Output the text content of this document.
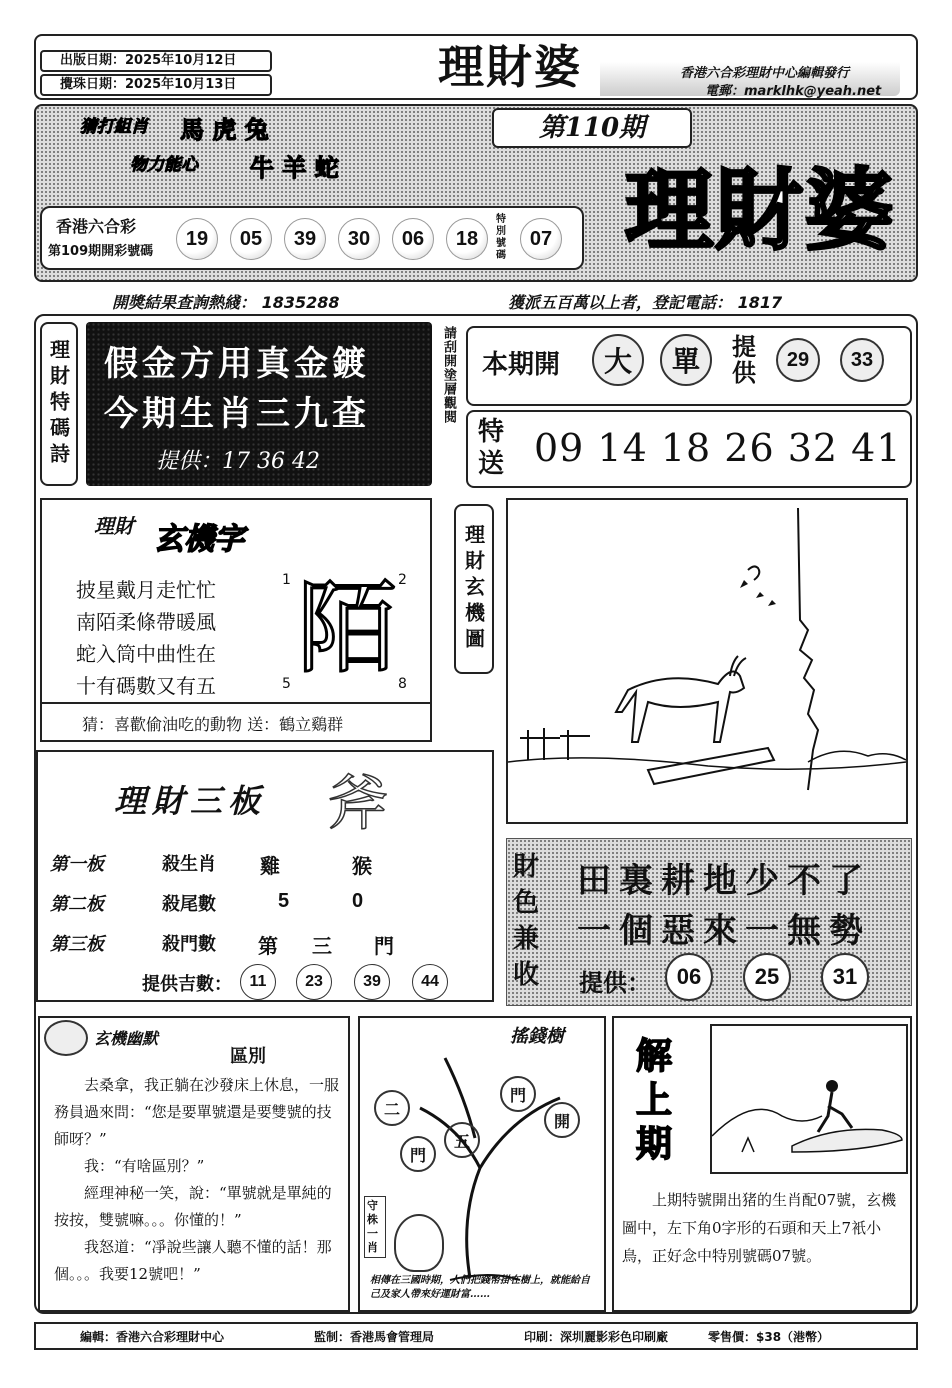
出版日期：2025年10月12日
攪珠日期：2025年10月13日	理財婆	香港六合彩理財中心編輯發行
電郵：marklhk@yeah.net
猜打組肖 馬 虎 兔
物力能心 牛 羊 蛇
第110期
理財婆
香港六合彩
第109期開彩號碼
19	05	39	30	06	18
特別號碼
07
開獎結果查詢熱綫： 1835288	獲派五百萬以上者，登記電話： 1817
理財特碼詩 假金方用真金鍍
今期生肖三九查
提供：17 36 42
請刮開塗層觀閱 本期開	大	單	提供	29	33
特送 09 14 18 26 32 41
理財 玄機字
披星戴月走忙忙
南陌柔條帶暖風
蛇入筒中曲性在
十有碼數又有五 陌
1	2
5	8
猜：喜歡偷油吃的動物 送：鶴立鷄群
理財玄機圖
理財三板 斧
第一板	殺生肖 雞	猴
第二板	殺尾數	5	0
第三板	殺門數 第 三 門
提供吉數：	11	23	39	44
財色兼收
田裏耕地少不了
一個惡來一無勢
提供：	06	25	31
玄機幽默
區別
去桑拿，我正躺在沙發床上休息，一服務員過來問：“您是要單號還是要雙號的技師呀？”
我：“有啥區別？”
經理神秘一笑，說：“單號就是單純的按按，雙號嘛。。。你懂的！”
我怒道：“凈說些讓人聽不懂的話！那個。。。我要12號吧！”
搖錢樹
二
門
五
門
開
守株一肖
相傳在三國時期，人們把錢幣掛在樹上，就能給自己及家人帶來好運財富……
解上期
上期特號開出猪的生肖配07號，玄機圖中，左下角0字形的石頭和天上7衹小鳥，正好念中特別號碼07號。
編輯：香港六合彩理財中心	監制：香港馬會管理局	印刷：深圳麗影彩色印刷廠	零售價：$38（港幣）
